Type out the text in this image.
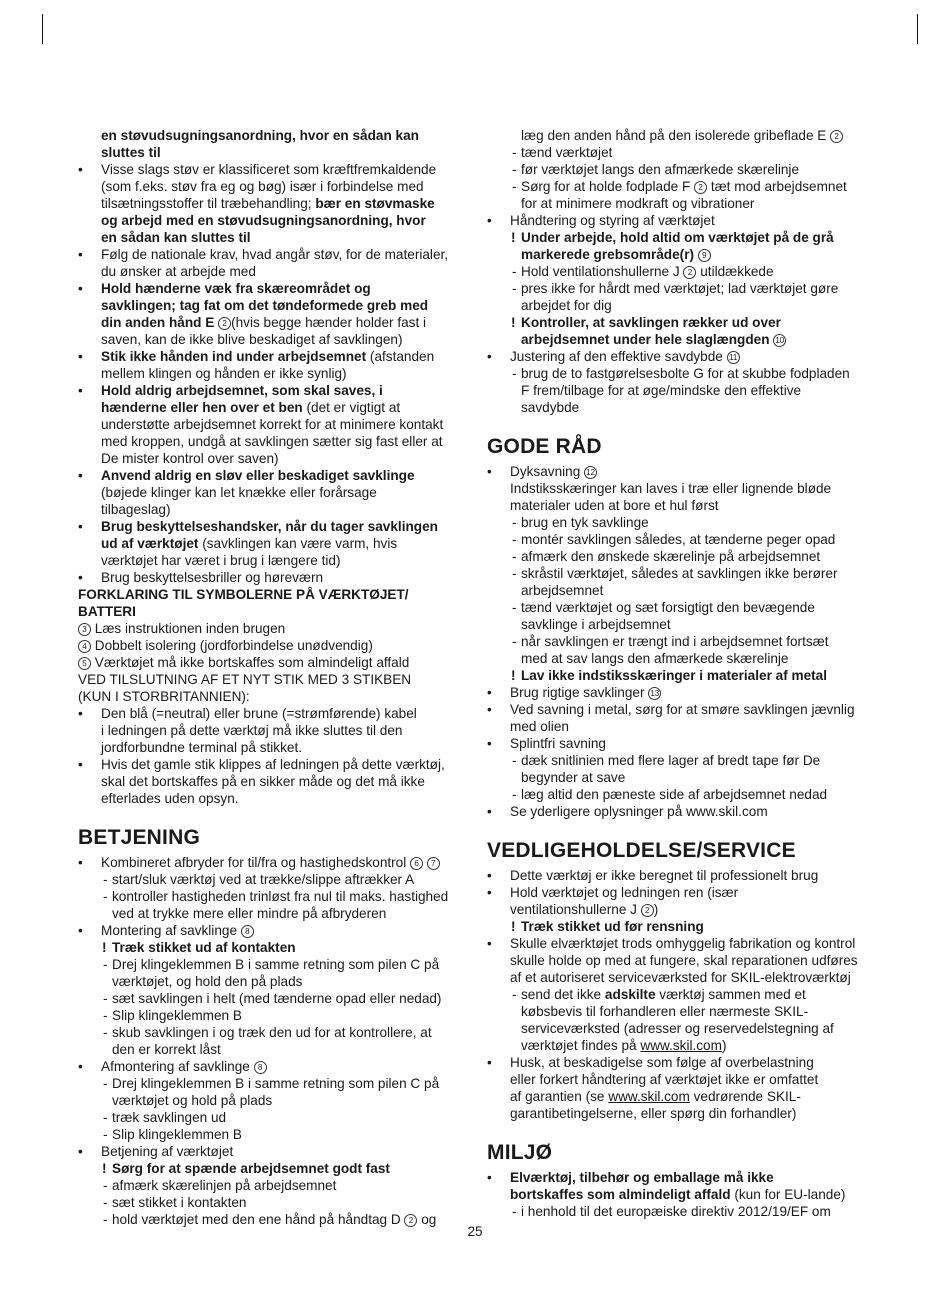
en støvudsugningsanordning, hvor en sådan kan
sluttes til
• Visse slags støv er klassificeret som kræftfremkaldende
(som f.eks. støv fra eg og bøg) især i forbindelse med
tilsætningsstoffer til træbehandling; bær en støvmaske
og arbejd med en støvudsugningsanordning, hvor
en sådan kan sluttes til
• Følg de nationale krav, hvad angår støv, for de materialer,
du ønsker at arbejde med
• Hold hænderne væk fra skæreområdet og
savklingen; tag fat om det tøndeformede greb med
din anden hånd E 2 (hvis begge hænder holder fast i
saven, kan de ikke blive beskadiget af savklingen)
• Stik ikke hånden ind under arbejdsemnet (afstanden
mellem klingen og hånden er ikke synlig)
• Hold aldrig arbejdsemnet, som skal saves, i
hænderne eller hen over et ben (det er vigtigt at
understøtte arbejdsemnet korrekt for at minimere kontakt
med kroppen, undgå at savklingen sætter sig fast eller at
De mister kontrol over saven)
• Anvend aldrig en sløv eller beskadiget savklinge
(bøjede klinger kan let knække eller forårsage
tilbageslag)
• Brug beskyttelseshandsker, når du tager savklingen
ud af værktøjet (savklingen kan være varm, hvis
værktøjet har været i brug i længere tid)
• Brug beskyttelsesbriller og høreværn
FORKLARING TIL SYMBOLERNE PÅ VÆRKTØJET/
BATTERI
3 Læs instruktionen inden brugen
4 Dobbelt isolering (jordforbindelse unødvendig)
5 Værktøjet må ikke bortskaffes som almindeligt affald
VED TILSLUTNING AF ET NYT STIK MED 3 STIKBEN
(KUN I STORBRITANNIEN):
• Den blå (=neutral) eller brune (=strømførende) kabel
i ledningen på dette værktøj må ikke sluttes til den
jordforbundne terminal på stikket.
• Hvis det gamle stik klippes af ledningen på dette værktøj,
skal det bortskaffes på en sikker måde og det må ikke
efterlades uden opsyn.
BETJENING
• Kombineret afbryder for til/fra og hastighedskontrol 6 7
- start/sluk værktøj ved at trække/slippe aftrækker A
- kontroller hastigheden trinløst fra nul til maks. hastighed
ved at trykke mere eller mindre på afbryderen
• Montering af savklinge 8
! Træk stikket ud af kontakten
- Drej klingeklemmen B i samme retning som pilen C på
værktøjet, og hold den på plads
- sæt savklingen i helt (med tænderne opad eller nedad)
- Slip klingeklemmen B
- skub savklingen i og træk den ud for at kontrollere, at
den er korrekt låst
• Afmontering af savklinge 8
- Drej klingeklemmen B i samme retning som pilen C på
værktøjet og hold på plads
- træk savklingen ud
- Slip klingeklemmen B
• Betjening af værktøjet
! Sørg for at spænde arbejdsemnet godt fast
- afmærk skærelinjen på arbejdsemnet
- sæt stikket i kontakten
- hold værktøjet med den ene hånd på håndtag D 2 og
læg den anden hånd på den isolerede gribeflade E 2
- tænd værktøjet
- før værktøjet langs den afmærkede skærelinje
- Sørg for at holde fodplade F 2 tæt mod arbejdsemnet
for at minimere modkraft og vibrationer
• Håndtering og styring af værktøjet
! Under arbejde, hold altid om værktøjet på de grå
markerede grebsområde(r) 9
- Hold ventilationshullerne J 2 utildækkede
- pres ikke for hårdt med værktøjet; lad værktøjet gøre
arbejdet for dig
! Kontroller, at savklingen rækker ud over
arbejdsemnet under hele slaglængden 10
• Justering af den effektive savdybde 11
- brug de to fastgørelsesbolte G for at skubbe fodpladen
F frem/tilbage for at øge/mindske den effektive
savdybde
GODE RÅD
• Dyksavning 12
Indstiksskæringer kan laves i træ eller lignende bløde
materialer uden at bore et hul først
- brug en tyk savklinge
- montér savklingen således, at tænderne peger opad
- afmærk den ønskede skærelinje på arbejdsemnet
- skråstil værktøjet, således at savklingen ikke berører
arbejdsemnet
- tænd værktøjet og sæt forsigtigt den bevægende
savklinge i arbejdsemnet
- når savklingen er trængt ind i arbejdsemnet fortsæt
med at sav langs den afmærkede skærelinje
! Lav ikke indstiksskæringer i materialer af metal
• Brug rigtige savklinger 13
• Ved savning i metal, sørg for at smøre savklingen jævnlig
med olien
• Splintfri savning
- dæk snitlinien med flere lager af bredt tape før De
begynder at save
- læg altid den pæneste side af arbejdsemnet nedad
• Se yderligere oplysninger på www.skil.com
VEDLIGEHOLDELSE/SERVICE
• Dette værktøj er ikke beregnet til professionelt brug
• Hold værktøjet og ledningen ren (især
ventilationshullerne J 2 )
! Træk stikket ud før rensning
• Skulle elværktøjet trods omhyggelig fabrikation og kontrol
skulle holde op med at fungere, skal reparationen udføres
af et autoriseret serviceværksted for SKIL-elektroværktøj
- send det ikke adskilte værktøj sammen med et
købsbevis til forhandleren eller nærmeste SKIL-
serviceværksted (adresser og reservedelstegning af
værktøjet findes på www.skil.com)
• Husk, at beskadigelse som følge af overbelastning
eller forkert håndtering af værktøjet ikke er omfattet
af garantien (se www.skil.com vedrørende SKIL-
garantibetingelserne, eller spørg din forhandler)
MILJØ
• Elværktøj, tilbehør og emballage må ikke
bortskaffes som almindeligt affald (kun for EU-lande)
- i henhold til det europæiske direktiv 2012/19/EF om
25
